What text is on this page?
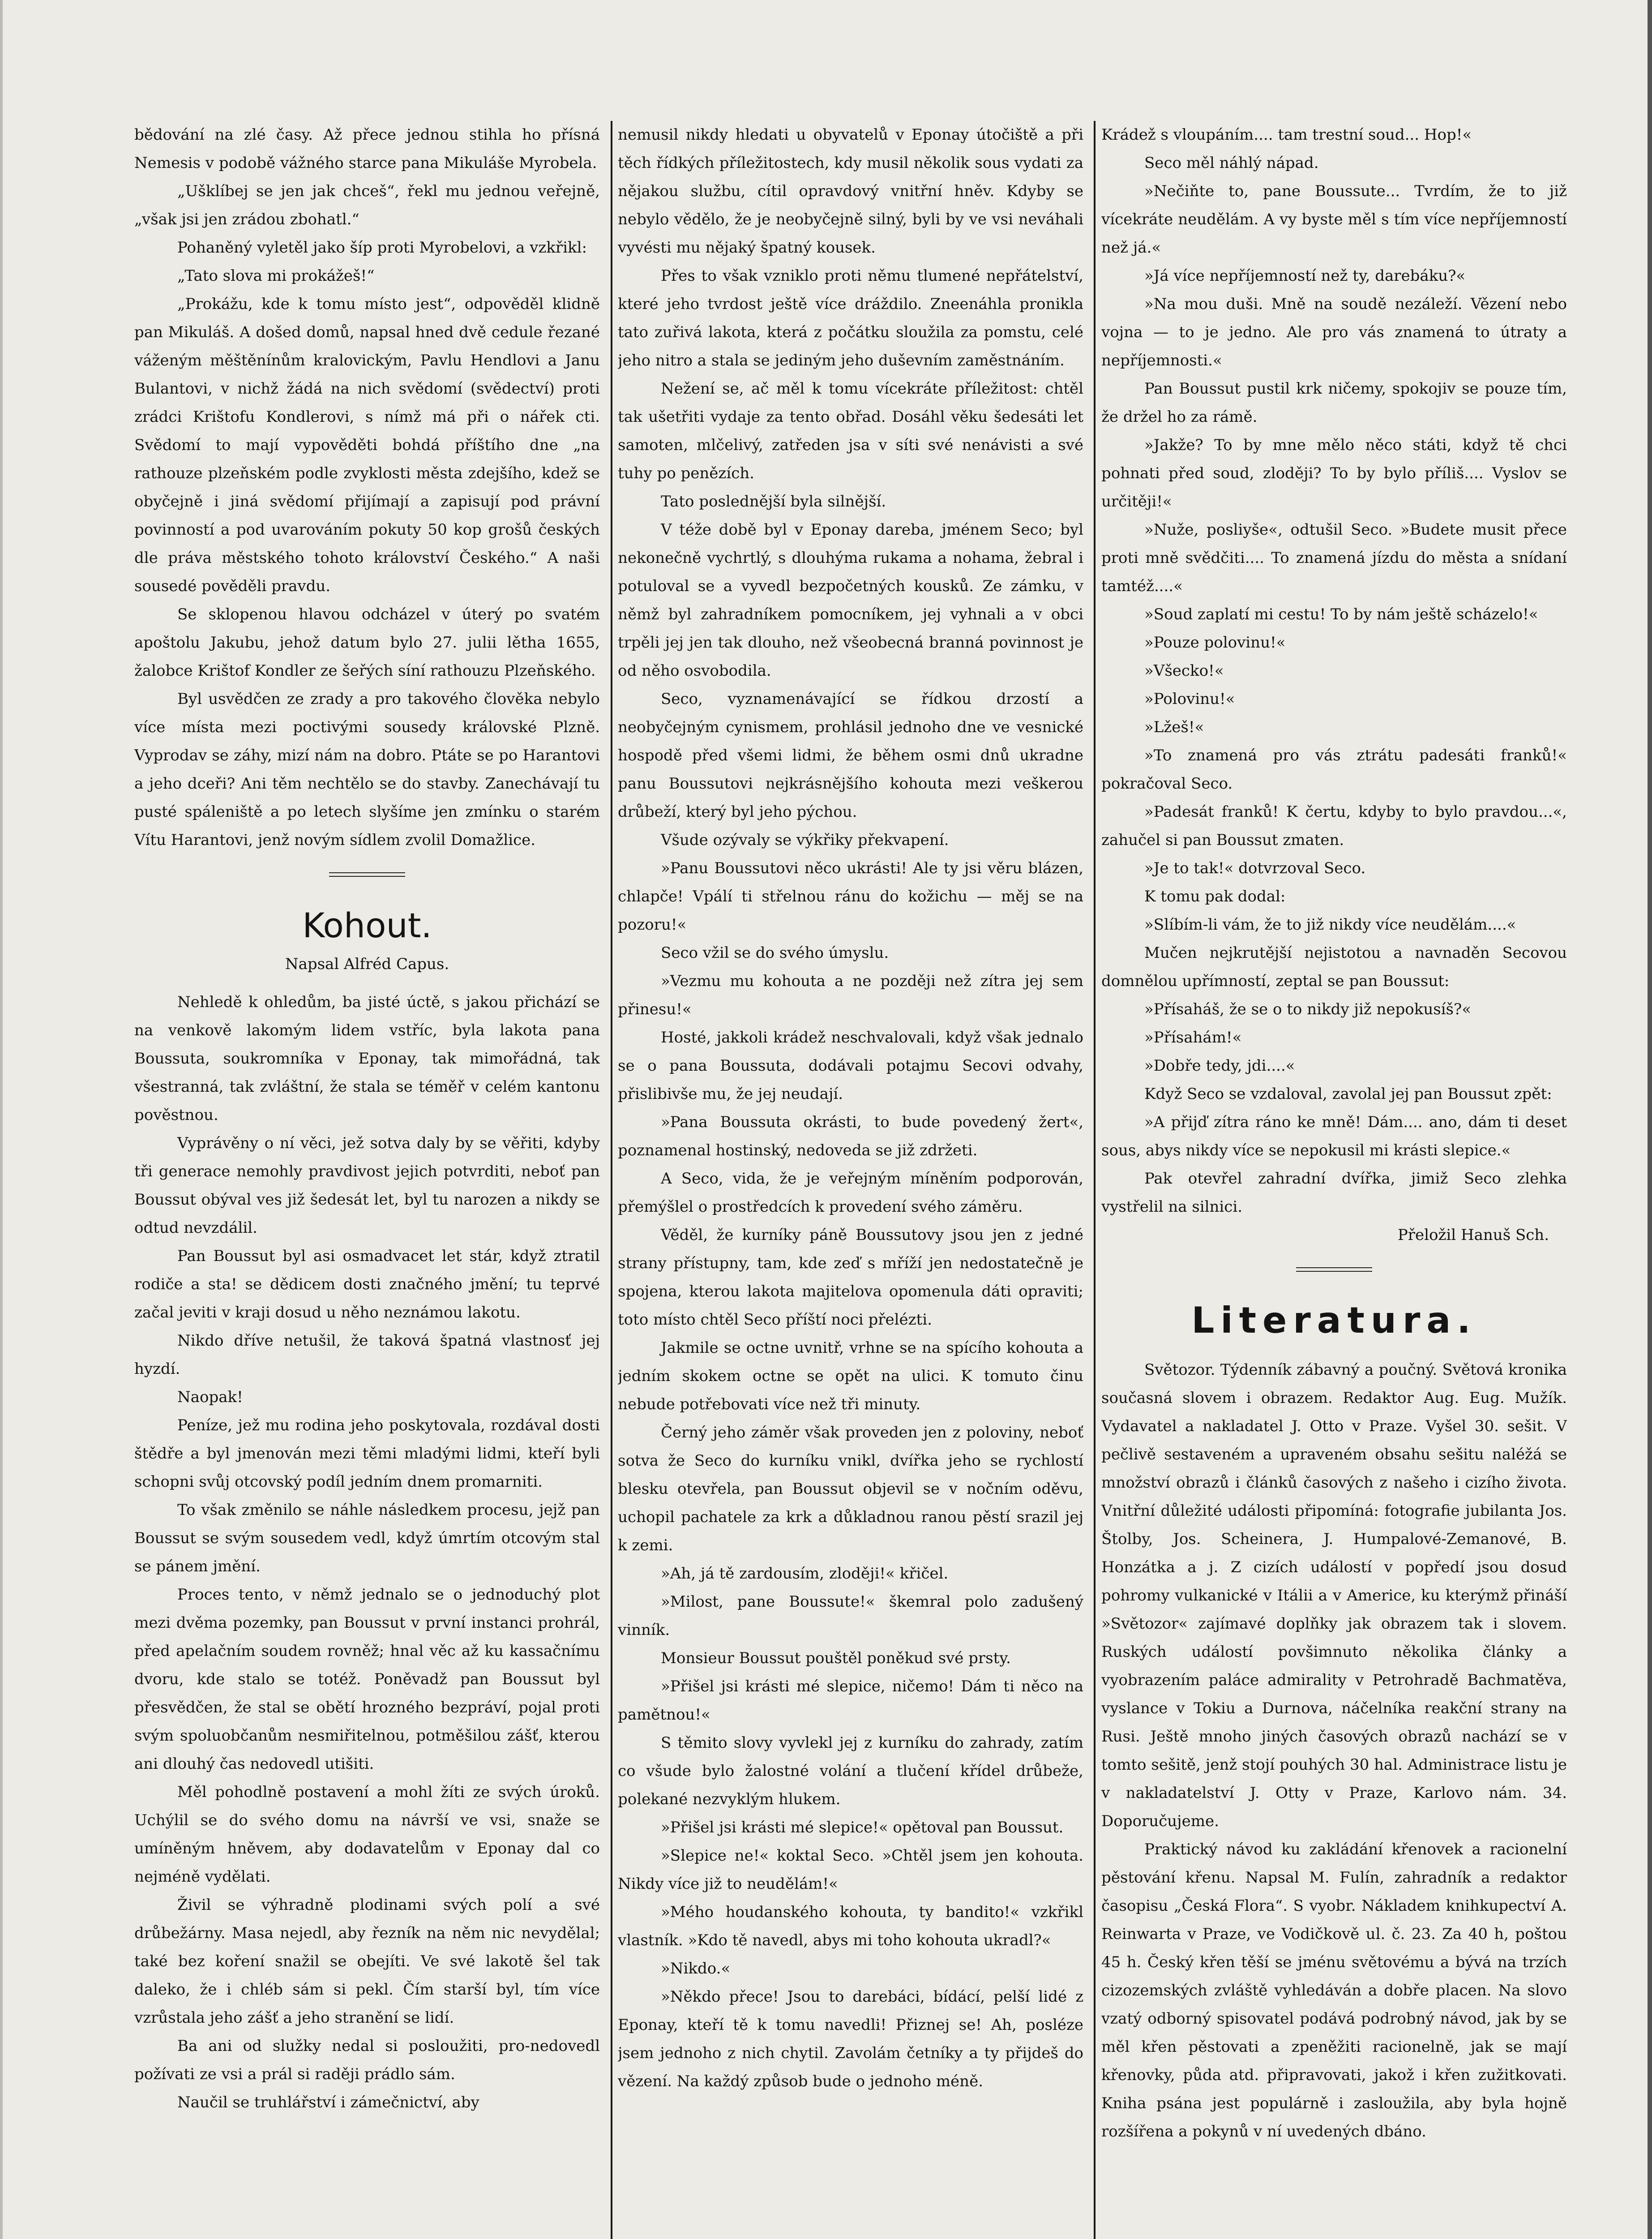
bědování na zlé časy. Až přece jednou stihla ho přísná Nemesis v podobě vážného starce pana Mikuláše Myrobela.

„Ušklíbej se jen jak chceš“, řekl mu jednou veřejně, „však jsi jen zrádou zbohatl.“

Pohaněný vyletěl jako šíp proti Myrobelovi, a vzkřikl:

„Tato slova mi prokážeš!“

„Prokážu, kde k tomu místo jest“, odpověděl klidně pan Mikuláš. A došed domů, napsal hned dvě cedule řezané váženým měštěnínům kralovickým, Pavlu Hendlovi a Janu Bulantovi, v nichž žádá na nich svědomí (svědectví) proti zrádci Krištofu Kondlerovi, s nímž má při o nářek cti. Svědomí to mají vypověděti bohdá příštího dne „na rathouze plzeňském podle zvyklosti města zdejšího, kdež se obyčejně i jiná svědomí přijímají a zapisují pod právní povinností a pod uvarováním pokuty 50 kop grošů českých dle práva městského tohoto království Českého.“ A naši sousedé pověděli pravdu.

Se sklopenou hlavou odcházel v úterý po svatém apoštolu Jakubu, jehož datum bylo 27. julii lětha 1655, žalobce Krištof Kondler ze šeřých síní rathouzu Plzeňského.

Byl usvědčen ze zrady a pro takového člověka nebylo více místa mezi poctivými sousedy královské Plzně. Vyprodav se záhy, mizí nám na dobro. Ptáte se po Harantovi a jeho dceři? Ani těm nechtělo se do stavby. Zanechávají tu pusté spáleniště a po letech slyšíme jen zmínku o starém Vítu Harantovi, jenž novým sídlem zvolil Domažlice.

Kohout.

Napsal Alfréd Capus.

Nehledě k ohledům, ba jisté úctě, s jakou přichází se na venkově lakomým lidem vstříc, byla lakota pana Boussuta, soukromníka v Eponay, tak mimořádná, tak všestranná, tak zvláštní, že stala se téměř v celém kantonu pověstnou.

Vyprávěny o ní věci, jež sotva daly by se věřiti, kdyby tři generace nemohly pravdivost jejich potvrditi, neboť pan Boussut obýval ves již šedesát let, byl tu narozen a nikdy se odtud nevzdálil.

Pan Boussut byl asi osmadvacet let stár, když ztratil rodiče a sta! se dědicem dosti značného jmění; tu teprvé začal jeviti v kraji dosud u něho neznámou lakotu.

Nikdo dříve netušil, že taková špatná vlastnosť jej hyzdí.

Naopak!

Peníze, jež mu rodina jeho poskytovala, rozdával dosti štědře a byl jmenován mezi těmi mladými lidmi, kteří byli schopni svůj otcovský podíl jedním dnem promarniti.

To však změnilo se náhle následkem procesu, jejž pan Boussut se svým sousedem vedl, když úmrtím otcovým stal se pánem jmění.

Proces tento, v němž jednalo se o jednoduchý plot mezi dvěma pozemky, pan Boussut v první instanci prohrál, před apelačním soudem rovněž; hnal věc až ku kassačnímu dvoru, kde stalo se totéž. Poněvadž pan Boussut byl přesvědčen, že stal se obětí hrozného bezpráví, pojal proti svým spoluobčanům nesmiřitelnou, potměšilou zášť, kterou ani dlouhý čas nedovedl utišiti.

Měl pohodlně postavení a mohl žíti ze svých úroků. Uchýlil se do svého domu na návrší ve vsi, snaže se umíněným hněvem, aby dodavatelům v Eponay dal co nejméně vydělati.

Živil se výhradně plodinami svých polí a své drůbežárny. Masa nejedl, aby řezník na něm nic nevydělal; také bez koření snažil se obejíti. Ve své lakotě šel tak daleko, že i chléb sám si pekl. Čím starší byl, tím více vzrůstala jeho zášť a jeho stranění se lidí.

Ba ani od služky nedal si posloužiti, pro-nedovedl požívati ze vsi a prál si raději prádlo sám.

Naučil se truhlářství i zámečnictví, aby

nemusil nikdy hledati u obyvatelů v Eponay útočiště a při těch řídkých příležitostech, kdy musil několik sous vydati za nějakou službu, cítil opravdový vnitřní hněv. Kdyby se nebylo vědělo, že je neobyčejně silný, byli by ve vsi neváhali vyvésti mu nějaký špatný kousek.

Přes to však vzniklo proti němu tlumené nepřátelství, které jeho tvrdost ještě více dráždilo. Zneenáhla pronikla tato zuřivá lakota, která z počátku sloužila za pomstu, celé jeho nitro a stala se jediným jeho duševním zaměstnáním.

Nežení se, ač měl k tomu vícekráte příležitost: chtěl tak ušetřiti vydaje za tento obřad. Dosáhl věku šedesáti let samoten, mlčelivý, zatředen jsa v síti své nenávisti a své tuhy po penězích.

Tato poslednější byla silnější.

V téže době byl v Eponay dareba, jménem Seco; byl nekonečně vychrtlý, s dlouhýma rukama a nohama, žebral i potuloval se a vyvedl bezpočetných kousků. Ze zámku, v němž byl zahradníkem pomocníkem, jej vyhnali a v obci trpěli jej jen tak dlouho, než všeobecná branná povinnost je od něho osvobodila.

Seco, vyznamenávající se řídkou drzostí a neobyčejným cynismem, prohlásil jednoho dne ve vesnické hospodě před všemi lidmi, že během osmi dnů ukradne panu Boussutovi nejkrásnějšího kohouta mezi veškerou drůbeží, který byl jeho pýchou.

Všude ozývaly se výkřiky překvapení.

»Panu Boussutovi něco ukrásti! Ale ty jsi věru blázen, chlapče! Vpálí ti střelnou ránu do kožichu — měj se na pozoru!«

Seco vžil se do svého úmyslu.

»Vezmu mu kohouta a ne později než zítra jej sem přinesu!«

Hosté, jakkoli krádež neschvalovali, když však jednalo se o pana Boussuta, dodávali potajmu Secovi odvahy, přislibivše mu, že jej neudají.

»Pana Boussuta okrásti, to bude povedený žert«, poznamenal hostinský, nedoveda se již zdržeti.

A Seco, vida, že je veřejným míněním podporován, přemýšlel o prostředcích k provedení svého záměru.

Věděl, že kurníky páně Boussutovy jsou jen z jedné strany přístupny, tam, kde zeď s mříží jen nedostatečně je spojena, kterou lakota majitelova opomenula dáti opraviti; toto místo chtěl Seco příští noci přelézti.

Jakmile se octne uvnitř, vrhne se na spícího kohouta a jedním skokem octne se opět na ulici. K tomuto činu nebude potřebovati více než tři minuty.

Černý jeho záměr však proveden jen z poloviny, neboť sotva že Seco do kurníku vnikl, dvířka jeho se rychlostí blesku otevřela, pan Boussut objevil se v nočním oděvu, uchopil pachatele za krk a důkladnou ranou pěstí srazil jej k zemi.

»Ah, já tě zardousím, zloději!« křičel.

»Milost, pane Boussute!« škemral polo zadušený vinník.

Monsieur Boussut pouštěl poněkud své prsty.

»Přišel jsi krásti mé slepice, ničemo! Dám ti něco na pamětnou!«

S těmito slovy vyvlekl jej z kurníku do zahrady, zatím co všude bylo žalostné volání a tlučení křídel drůbeže, polekané nezvyklým hlukem.

»Přišel jsi krásti mé slepice!« opětoval pan Boussut.

»Slepice ne!« koktal Seco. »Chtěl jsem jen kohouta. Nikdy více již to neudělám!«

»Mého houdanského kohouta, ty bandito!« vzkřikl vlastník. »Kdo tě navedl, abys mi toho kohouta ukradl?«

»Nikdo.«

»Někdo přece! Jsou to darebáci, bídácí, pelší lidé z Eponay, kteří tě k tomu navedli! Přiznej se! Ah, posléze jsem jednoho z nich chytil. Zavolám četníky a ty přijdeš do vězení. Na každý způsob bude o jednoho méně.

Krádež s vloupáním.... tam trestní soud... Hop!«

Seco měl náhlý nápad.

»Nečiňte to, pane Boussute... Tvrdím, že to již vícekráte neudělám. A vy byste měl s tím více nepříjemností než já.«

»Já více nepříjemností než ty, darebáku?«

»Na mou duši. Mně na soudě nezáleží. Vězení nebo vojna — to je jedno. Ale pro vás znamená to útraty a nepříjemnosti.«

Pan Boussut pustil krk ničemy, spokojiv se pouze tím, že držel ho za rámě.

»Jakže? To by mne mělo něco státi, když tě chci pohnati před soud, zloději? To by bylo příliš.... Vyslov se určitěji!«

»Nuže, posliyše«, odtušil Seco. »Budete musit přece proti mně svědčiti.... To znamená jízdu do města a snídaní tamtéž....«

»Soud zaplatí mi cestu! To by nám ještě scházelo!«

»Pouze polovinu!«

»Všecko!«

»Polovinu!«

»Lžeš!«

»To znamená pro vás ztrátu padesáti franků!« pokračoval Seco.

»Padesát franků! K čertu, kdyby to bylo pravdou...«, zahučel si pan Boussut zmaten.

»Je to tak!« dotvrzoval Seco.

K tomu pak dodal:

»Slíbím-li vám, že to již nikdy více neudělám....«

Mučen nejkrutější nejistotou a navnaděn Secovou domnělou upřímností, zeptal se pan Boussut:

»Přísaháš, že se o to nikdy již nepokusíš?«

»Přísahám!«

»Dobře tedy, jdi....«

Když Seco se vzdaloval, zavolal jej pan Boussut zpět:

»A přijď zítra ráno ke mně! Dám.... ano, dám ti deset sous, abys nikdy více se nepokusil mi krásti slepice.«

Pak otevřel zahradní dvířka, jimiž Seco zlehka vystřelil na silnici.

Přeložil Hanuš Sch.

Literatura.

Světozor. Týdenník zábavný a poučný. Světová kronika současná slovem i obrazem. Redaktor Aug. Eug. Mužík. Vydavatel a nakladatel J. Otto v Praze. Vyšel 30. sešit. V pečlivě sestaveném a upraveném obsahu sešitu naléžá se množství obrazů i článků časových z našeho i cizího života. Vnitřní důležité události připomíná: fotografie jubilanta Jos. Štolby, Jos. Scheinera, J. Humpalové-Zemanové, B. Honzátka a j. Z cizích událostí v popředí jsou dosud pohromy vulkanické v Itálii a v Americe, ku kterýmž přináší »Světozor« zajímavé doplňky jak obrazem tak i slovem. Ruských událostí povšimnuto několika články a vyobrazením paláce admirality v Petrohradě Bachmatěva, vyslance v Tokiu a Durnova, náčelníka reakční strany na Rusi. Ještě mnoho jiných časových obrazů nachází se v tomto sešitě, jenž stojí pouhých 30 hal. Administrace listu je v nakladatelství J. Otty v Praze, Karlovo nám. 34. Doporučujeme.

Praktický návod ku zakládání křenovek a racionelní pěstování křenu. Napsal M. Fulín, zahradník a redaktor časopisu „Česká Flora“. S vyobr. Nákladem knihkupectví A. Reinwarta v Praze, ve Vodičkově ul. č. 23. Za 40 h, poštou 45 h. Český křen těší se jménu světovému a bývá na trzích cizozemských zvláště vyhledáván a dobře placen. Na slovo vzatý odborný spisovatel podává podrobný návod, jak by se měl křen pěstovati a zpeněžiti racionelně, jak se mají křenovky, půda atd. připravovati, jakož i křen zužitkovati. Kniha psána jest populárně i zasloužila, aby byla hojně rozšířena a pokynů v ní uvedených dbáno.
